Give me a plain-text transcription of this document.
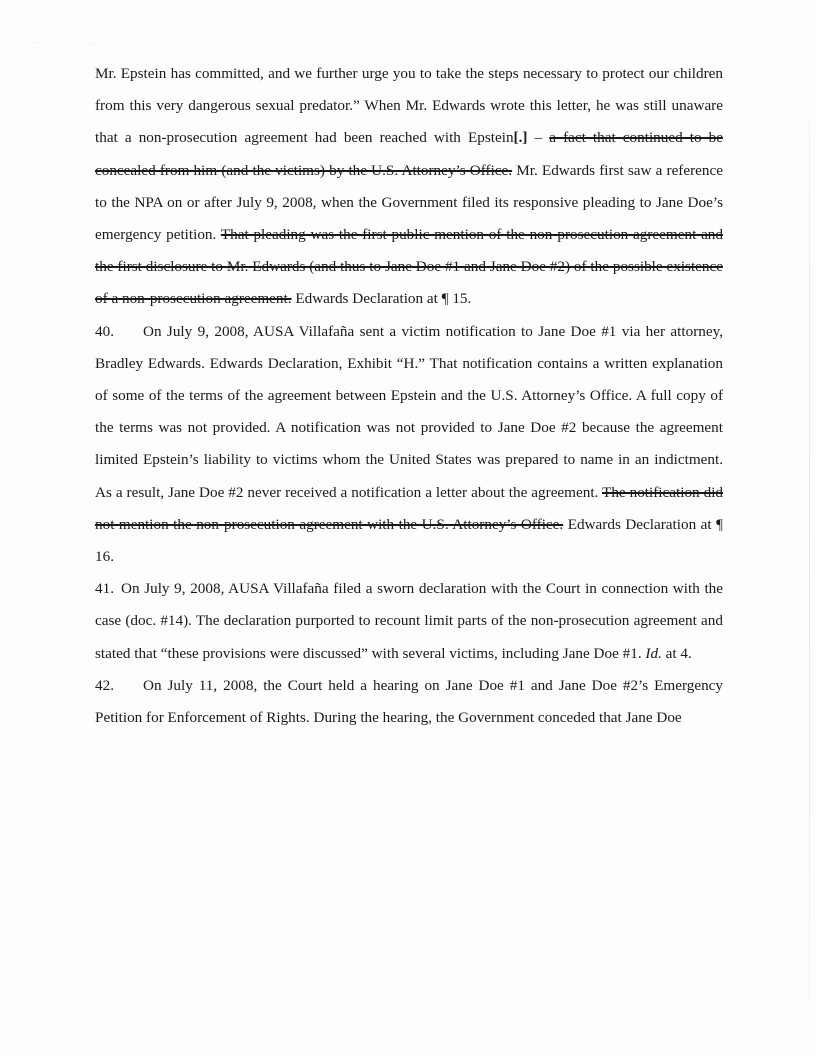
· ·	· ·

Mr. Epstein has committed, and we further urge you to take the steps necessary to protect our children from this very dangerous sexual predator.” When Mr. Edwards wrote this letter, he was still unaware that a non-prosecution agreement had been reached with Epstein[.] – a fact that continued to be concealed from him (and the victims) by the U.S. Attorney’s Office. Mr. Edwards first saw a reference to the NPA on or after July 9, 2008, when the Government filed its responsive pleading to Jane Doe’s emergency petition. That pleading was the first public mention of the non-prosecution agreement and the first disclosure to Mr. Edwards (and thus to Jane Doe #1 and Jane Doe #2) of the possible existence of a non-prosecution agreement. Edwards Declaration at ¶ 15.

40. On July 9, 2008, AUSA Villafaña sent a victim notification to Jane Doe #1 via her attorney, Bradley Edwards. Edwards Declaration, Exhibit “H.” That notification contains a written explanation of some of the terms of the agreement between Epstein and the U.S. Attorney’s Office. A full copy of the terms was not provided. A notification was not provided to Jane Doe #2 because the agreement limited Epstein’s liability to victims whom the United States was prepared to name in an indictment. As a result, Jane Doe #2 never received a notification a letter about the agreement. The notification did not mention the non-prosecution agreement with the U.S. Attorney’s Office. Edwards Declaration at ¶ 16.

41. On July 9, 2008, AUSA Villafaña filed a sworn declaration with the Court in connection with the case (doc. #14). The declaration purported to recount limit parts of the non-prosecution agreement and stated that “these provisions were discussed” with several victims, including Jane Doe #1. Id. at 4.

42. On July 11, 2008, the Court held a hearing on Jane Doe #1 and Jane Doe #2’s Emergency Petition for Enforcement of Rights. During the hearing, the Government conceded that Jane Doe
